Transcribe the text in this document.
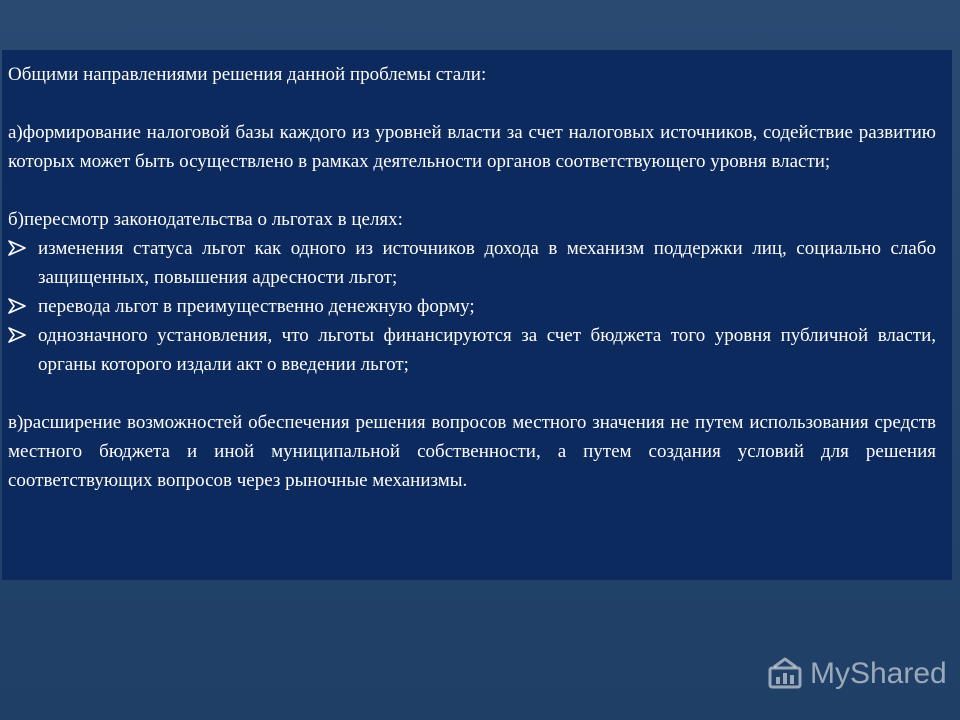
Общими направлениями решения данной проблемы стали:

а)формирование налоговой базы каждого из уровней власти за счет налоговых источников, содействие развитию которых может быть осуществлено в рамках деятельности органов соответствующего уровня власти;

б)пересмотр законодательства о льготах в целях:

изменения статуса льгот как одного из источников дохода в механизм поддержки лиц, социально слабо защищенных, повышения адресности льгот;
перевода льгот в преимущественно денежную форму;
однозначного установления, что льготы финансируются за счет бюджета того уровня публичной власти, органы которого издали акт о введении льгот;

в)расширение возможностей обеспечения решения вопросов местного значения не путем использования средств местного бюджета и иной муниципальной собственности, а путем создания условий для решения соответствующих вопросов через рыночные механизмы.

MyShared
